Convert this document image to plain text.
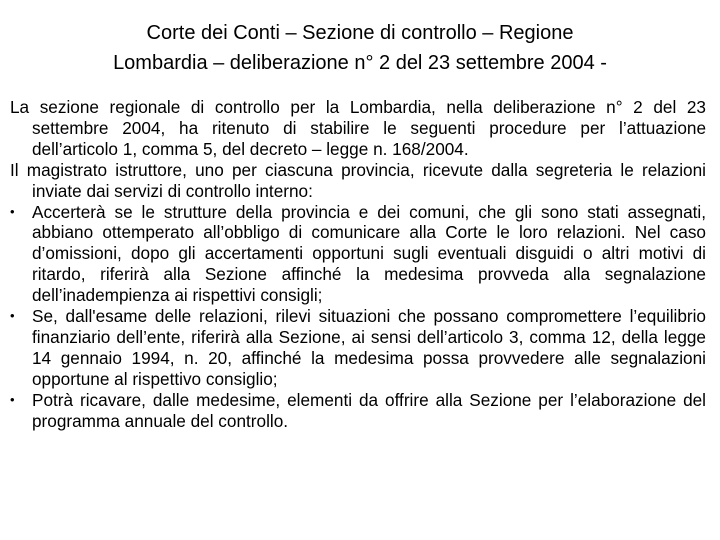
Corte dei Conti – Sezione di controllo – Regione
Lombardia – deliberazione n° 2 del 23 settembre 2004 -

La sezione regionale di controllo per la Lombardia, nella deliberazione n° 2 del 23 settembre 2004, ha ritenuto di stabilire le seguenti procedure per l’attuazione dell’articolo 1, comma 5, del decreto – legge n. 168/2004.

Il magistrato istruttore, uno per ciascuna provincia, ricevute dalla segreteria le relazioni inviate dai servizi di controllo interno:

•	Accerterà se le strutture della provincia e dei comuni, che gli sono stati assegnati, abbiano ottemperato all’obbligo di comunicare alla Corte le loro relazioni. Nel caso d’omissioni, dopo gli accertamenti opportuni sugli eventuali disguidi o altri motivi di ritardo, riferirà alla Sezione affinché la medesima provveda alla segnalazione dell’inadempienza ai rispettivi consigli;
•	Se, dall'esame delle relazioni, rilevi situazioni che possano compromettere l’equilibrio finanziario dell’ente, riferirà alla Sezione, ai sensi dell’articolo 3, comma 12, della legge 14 gennaio 1994, n. 20, affinché la medesima possa provvedere alle segnalazioni opportune al rispettivo consiglio;
•	Potrà ricavare, dalle medesime, elementi da offrire alla Sezione per l’elaborazione del programma annuale del controllo.
